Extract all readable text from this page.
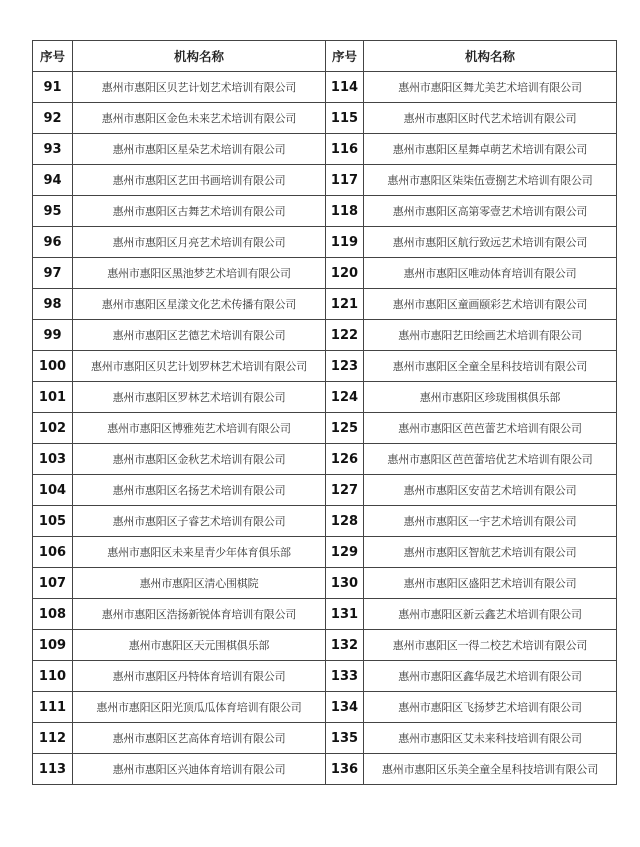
序号	机构名称	序号	机构名称
91	惠州市惠阳区贝艺计划艺术培训有限公司	114	惠州市惠阳区舞尤美艺术培训有限公司
92	惠州市惠阳区金色未来艺术培训有限公司	115	惠州市惠阳区时代艺术培训有限公司
93	惠州市惠阳区星朵艺术培训有限公司	116	惠州市惠阳区星舞卓萌艺术培训有限公司
94	惠州市惠阳区艺田书画培训有限公司	117	惠州市惠阳区柒柒伍壹捌艺术培训有限公司
95	惠州市惠阳区古舞艺术培训有限公司	118	惠州市惠阳区高第零壹艺术培训有限公司
96	惠州市惠阳区月亮艺术培训有限公司	119	惠州市惠阳区航行致远艺术培训有限公司
97	惠州市惠阳区黑池梦艺术培训有限公司	120	惠州市惠阳区唯动体育培训有限公司
98	惠州市惠阳区星漾文化艺术传播有限公司	121	惠州市惠阳区童画颐彩艺术培训有限公司
99	惠州市惠阳区艺德艺术培训有限公司	122	惠州市惠阳艺田绘画艺术培训有限公司
100	惠州市惠阳区贝艺计划罗林艺术培训有限公司	123	惠州市惠阳区全童全星科技培训有限公司
101	惠州市惠阳区罗林艺术培训有限公司	124	惠州市惠阳区珍珑围棋俱乐部
102	惠州市惠阳区博雅苑艺术培训有限公司	125	惠州市惠阳区芭芭蕾艺术培训有限公司
103	惠州市惠阳区金秋艺术培训有限公司	126	惠州市惠阳区芭芭蕾培优艺术培训有限公司
104	惠州市惠阳区名扬艺术培训有限公司	127	惠州市惠阳区安苗艺术培训有限公司
105	惠州市惠阳区子睿艺术培训有限公司	128	惠州市惠阳区一宇艺术培训有限公司
106	惠州市惠阳区未来星青少年体育俱乐部	129	惠州市惠阳区智航艺术培训有限公司
107	惠州市惠阳区清心围棋院	130	惠州市惠阳区盛阳艺术培训有限公司
108	惠州市惠阳区浩扬新锐体育培训有限公司	131	惠州市惠阳区新云鑫艺术培训有限公司
109	惠州市惠阳区天元围棋俱乐部	132	惠州市惠阳区一得二校艺术培训有限公司
110	惠州市惠阳区丹特体育培训有限公司	133	惠州市惠阳区鑫华晟艺术培训有限公司
111	惠州市惠阳区阳光顶瓜瓜体育培训有限公司	134	惠州市惠阳区飞扬梦艺术培训有限公司
112	惠州市惠阳区艺高体育培训有限公司	135	惠州市惠阳区艾未来科技培训有限公司
113	惠州市惠阳区兴迪体育培训有限公司	136	惠州市惠阳区乐美全童全星科技培训有限公司
